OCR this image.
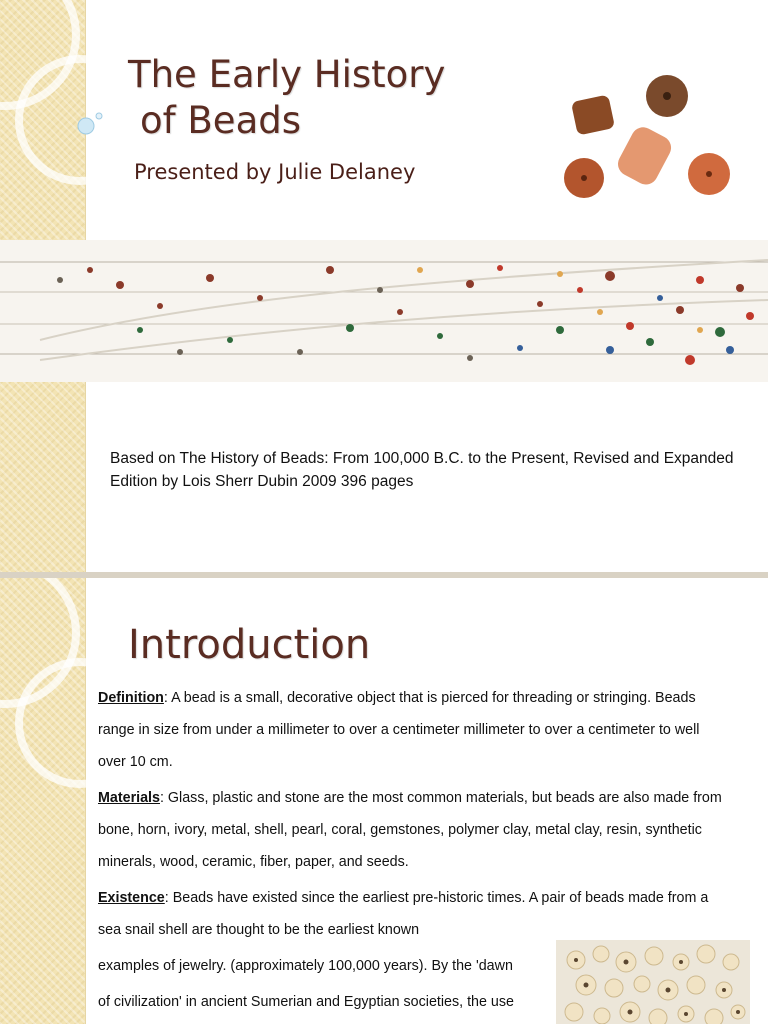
The Early History
of Beads
Presented by Julie Delaney

Based on The History of Beads: From 100,000 B.C. to the Present, Revised and Expanded Edition by Lois Sherr Dubin 2009 396 pages

Introduction

Definition: A bead is a small, decorative object that is pierced for threading or stringing. Beads range in size from under a millimeter to over a centimeter millimeter to over a centimeter to well over 10 cm.

Materials: Glass, plastic and stone are the most common materials, but beads are also made from bone, horn, ivory, metal, shell, pearl, coral, gemstones, polymer clay, metal clay, resin, synthetic minerals, wood, ceramic, fiber, paper, and seeds.

Existence: Beads have existed since the earliest pre-historic times. A pair of beads made from a sea snail shell are thought to be the earliest known

examples of jewelry. (approximately 100,000 years). By the 'dawn

of civilization' in ancient Sumerian and Egyptian societies, the use
